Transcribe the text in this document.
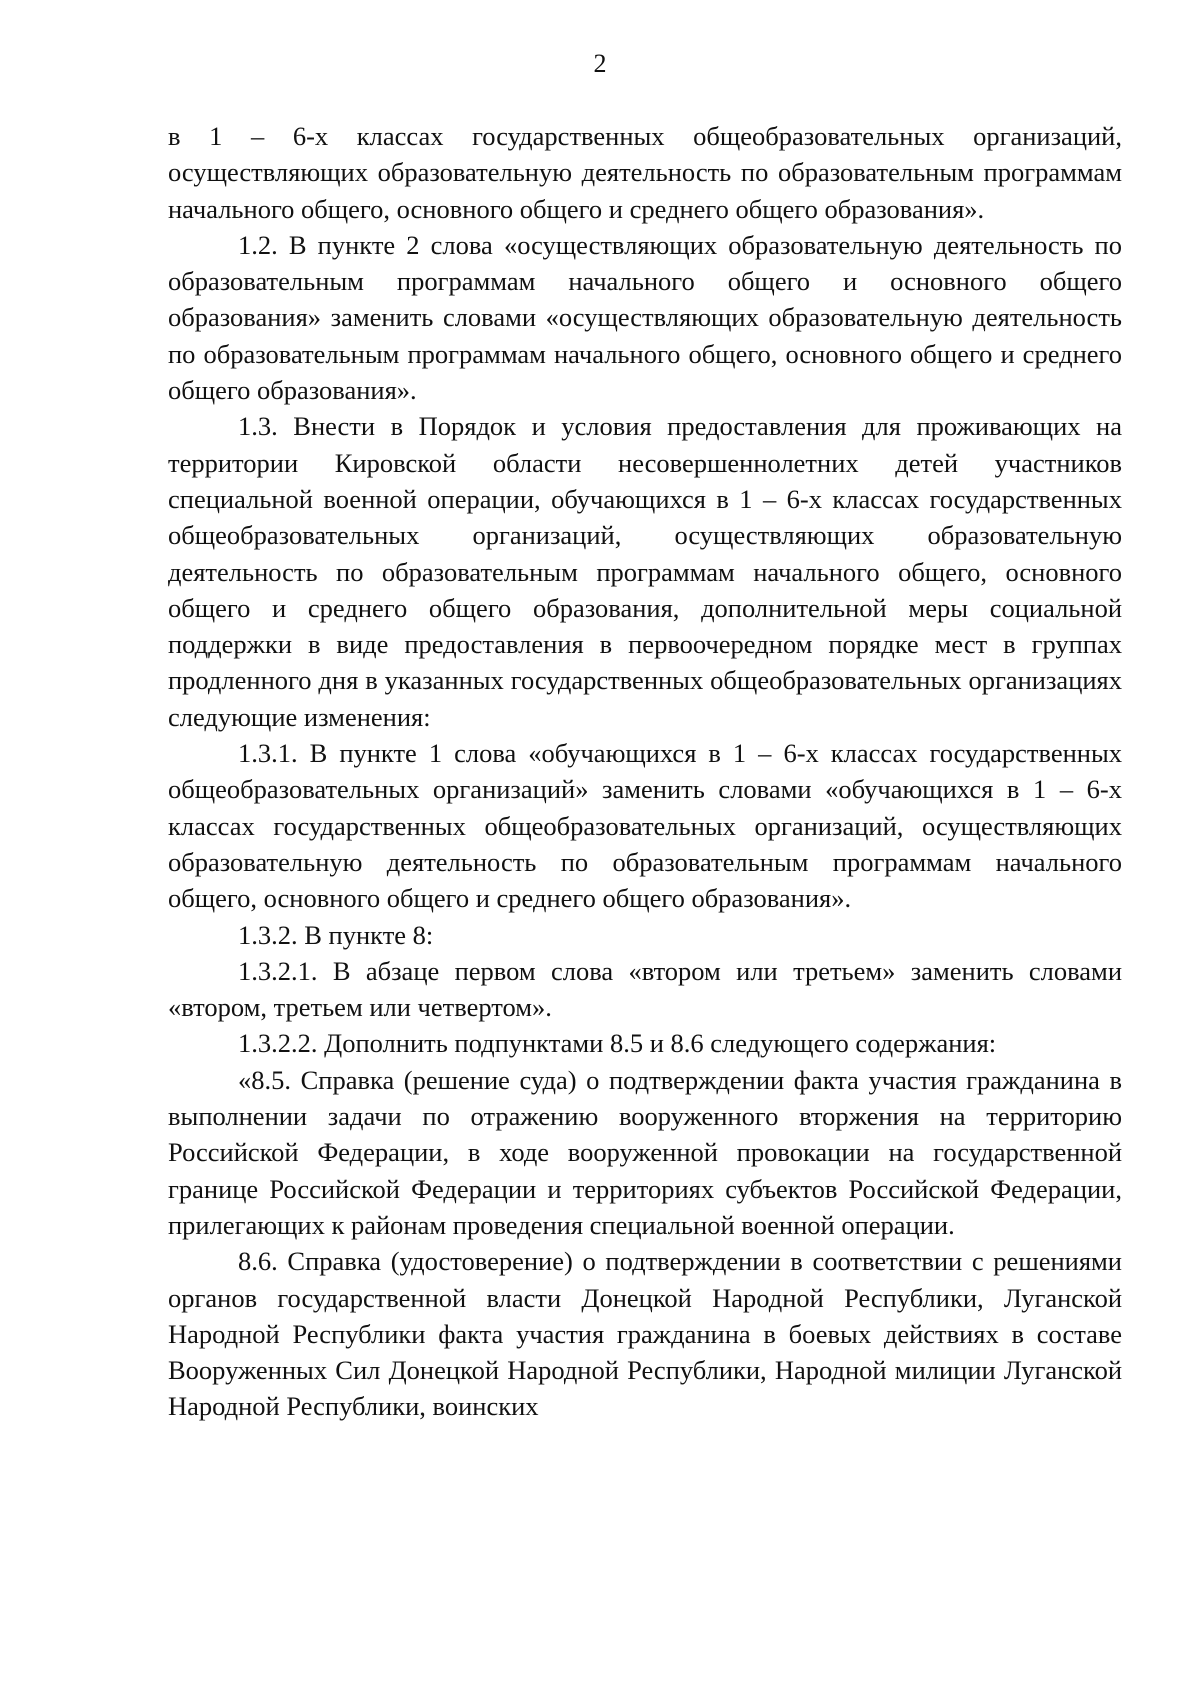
2

в 1 – 6-х классах государственных общеобразовательных организаций, осуществляющих образовательную деятельность по образовательным программам начального общего, основного общего и среднего общего образования».

1.2. В пункте 2 слова «осуществляющих образовательную деятельность по образовательным программам начального общего и основного общего образования» заменить словами «осуществляющих образовательную деятельность по образовательным программам начального общего, основного общего и среднего общего образования».

1.3. Внести в Порядок и условия предоставления для проживающих на территории Кировской области несовершеннолетних детей участников специальной военной операции, обучающихся в 1 – 6-х классах государственных общеобразовательных организаций, осуществляющих образовательную деятельность по образовательным программам начального общего, основного общего и среднего общего образования, дополнительной меры социальной поддержки в виде предоставления в первоочередном порядке мест в группах продленного дня в указанных государственных общеобразовательных организациях следующие изменения:

1.3.1. В пункте 1 слова «обучающихся в 1 – 6-х классах государственных общеобразовательных организаций» заменить словами «обучающихся в 1 – 6-х классах государственных общеобразовательных организаций, осуществляющих образовательную деятельность по образовательным программам начального общего, основного общего и среднего общего образования».

1.3.2. В пункте 8:

1.3.2.1. В абзаце первом слова «втором или третьем» заменить словами «втором, третьем или четвертом».

1.3.2.2. Дополнить подпунктами 8.5 и 8.6 следующего содержания:

«8.5. Справка (решение суда) о подтверждении факта участия гражданина в выполнении задачи по отражению вооруженного вторжения на территорию Российской Федерации, в ходе вооруженной провокации на государственной границе Российской Федерации и территориях субъектов Российской Федерации, прилегающих к районам проведения специальной военной операции.

8.6. Справка (удостоверение) о подтверждении в соответствии с решениями органов государственной власти Донецкой Народной Республики, Луганской Народной Республики факта участия гражданина в боевых действиях в составе Вооруженных Сил Донецкой Народной Республики, Народной милиции Луганской Народной Республики, воинских
